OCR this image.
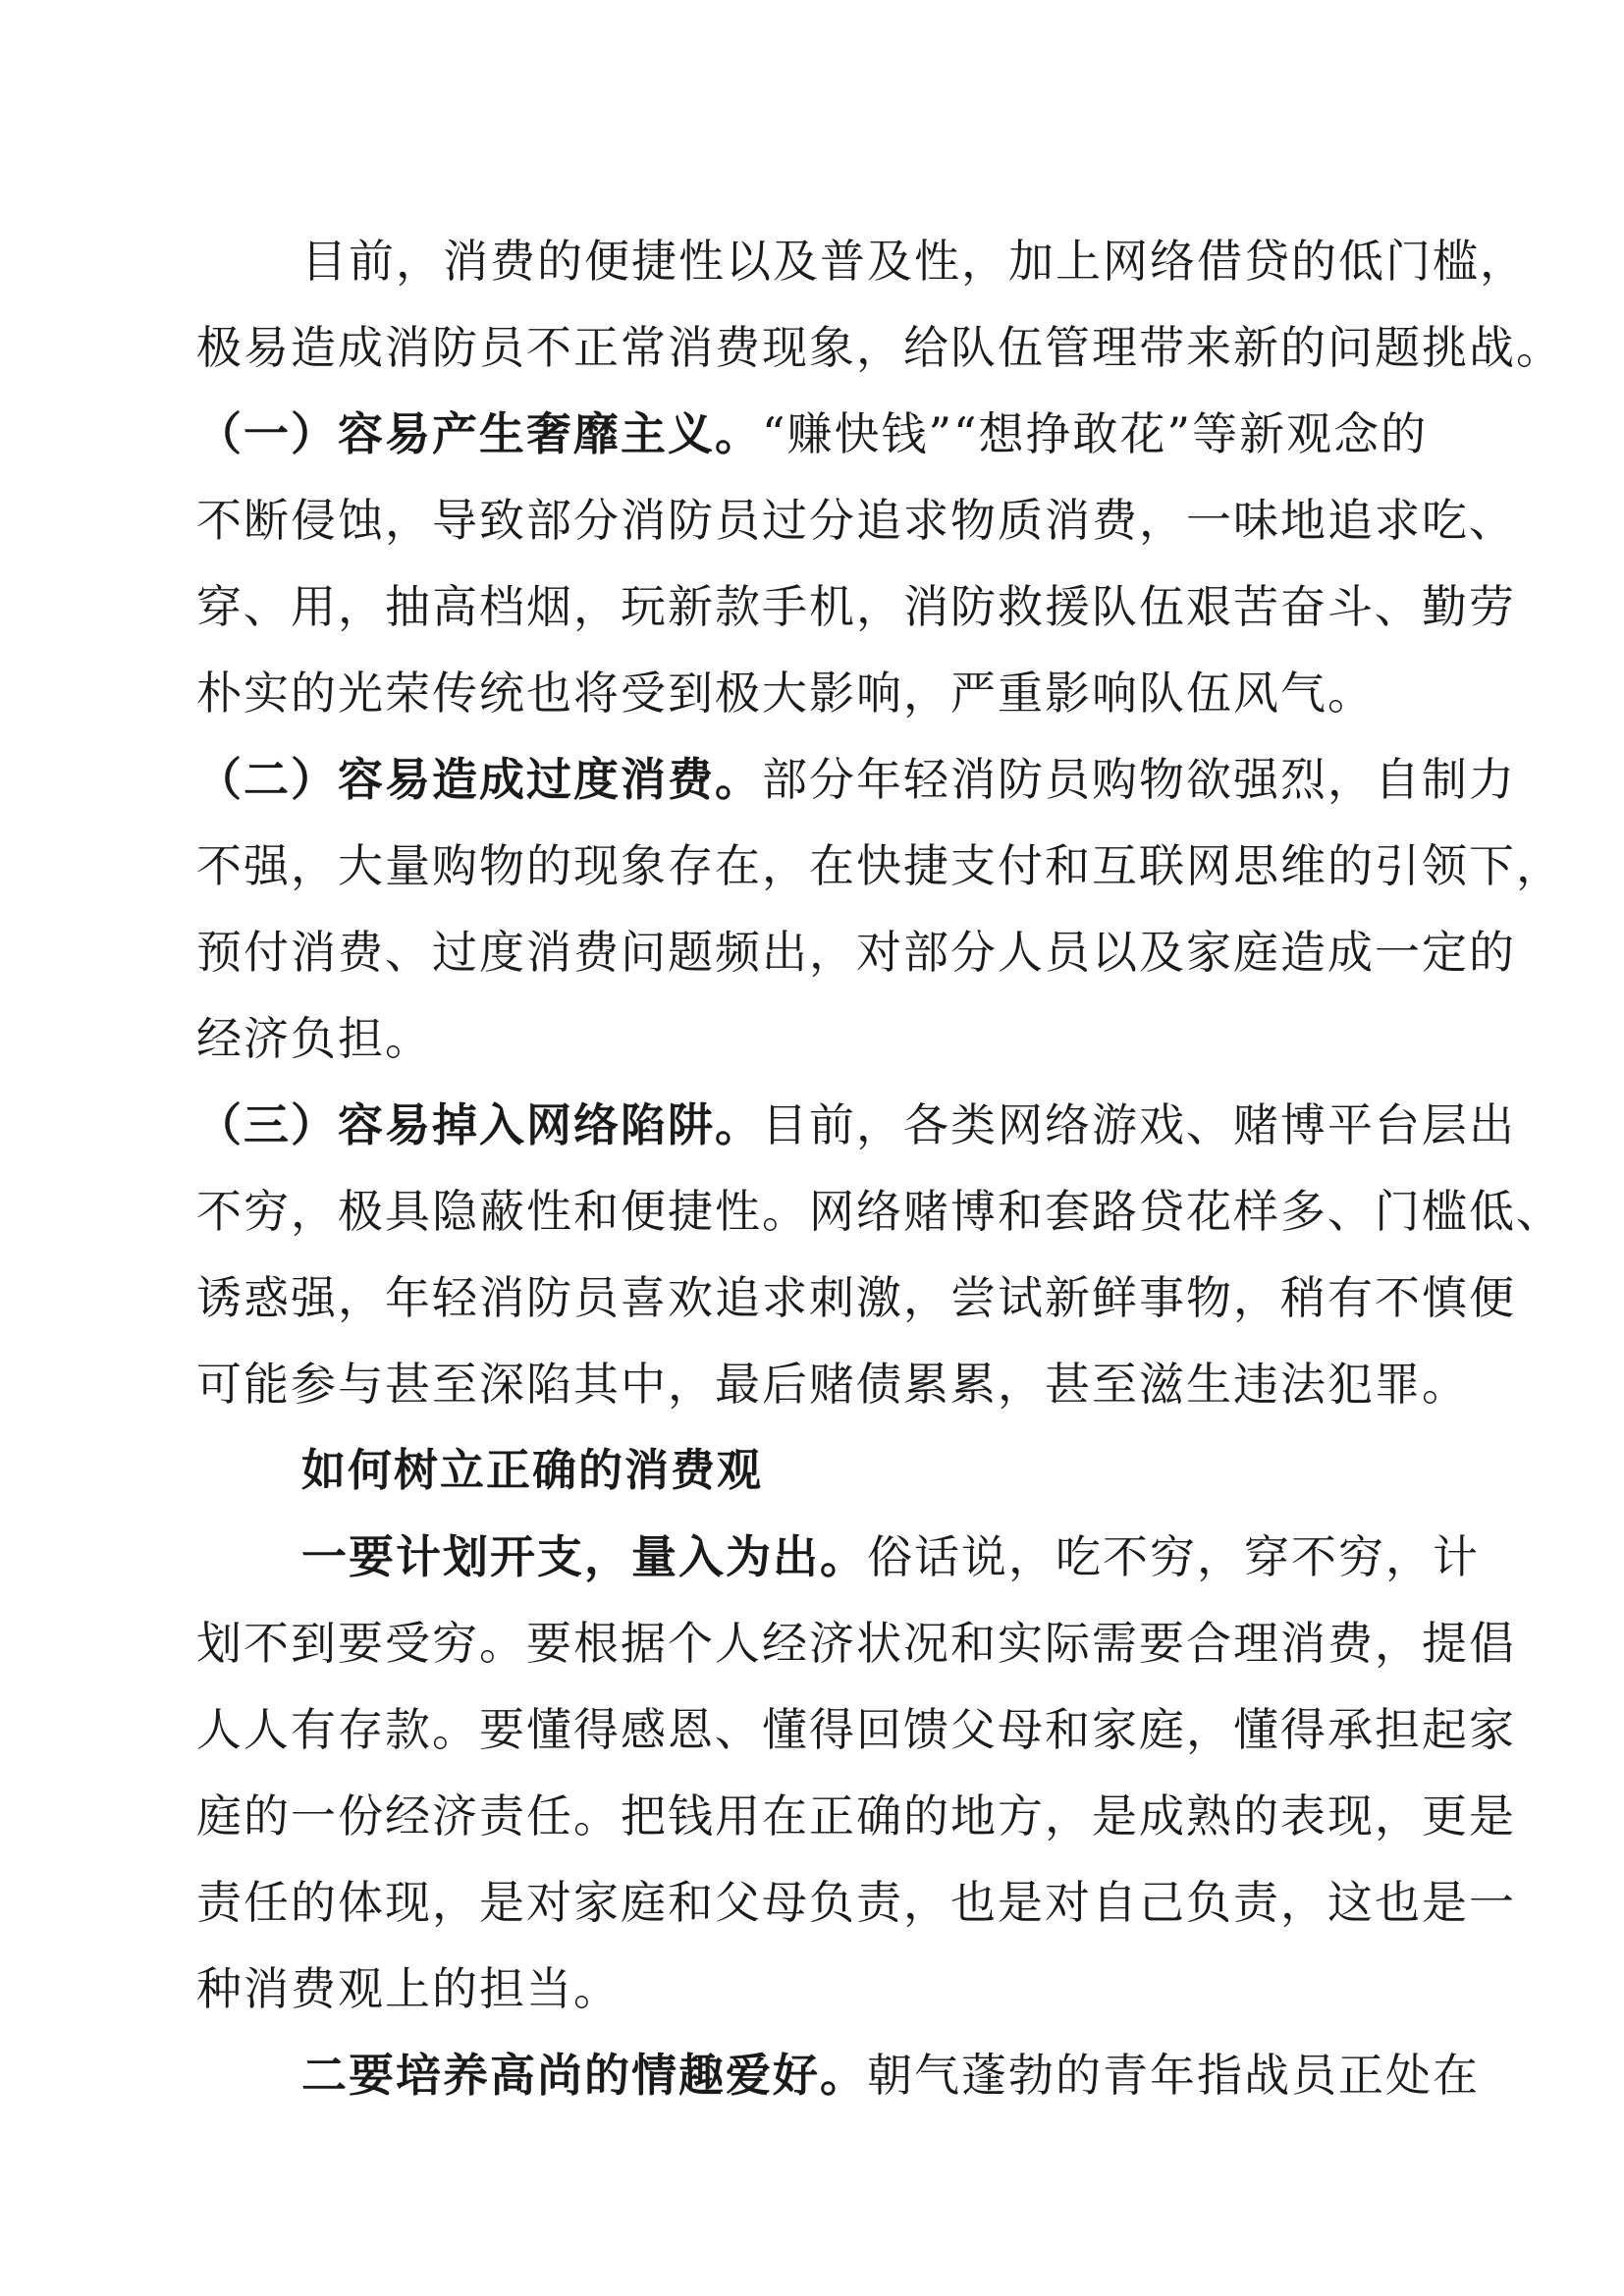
目前，消费的便捷性以及普及性，加上网络借贷的低门槛，
极易造成消防员不正常消费现象，给队伍管理带来新的问题挑战。
（一）容易产生奢靡主义。“赚快钱”“想挣敢花”等新观念的
不断侵蚀，导致部分消防员过分追求物质消费，一味地追求吃、
穿、用，抽高档烟，玩新款手机，消防救援队伍艰苦奋斗、勤劳
朴实的光荣传统也将受到极大影响，严重影响队伍风气。
（二）容易造成过度消费。部分年轻消防员购物欲强烈，自制力
不强，大量购物的现象存在，在快捷支付和互联网思维的引领下，
预付消费、过度消费问题频出，对部分人员以及家庭造成一定的
经济负担。
（三）容易掉入网络陷阱。目前，各类网络游戏、赌博平台层出
不穷，极具隐蔽性和便捷性。网络赌博和套路贷花样多、门槛低、
诱惑强，年轻消防员喜欢追求刺激，尝试新鲜事物，稍有不慎便
可能参与甚至深陷其中，最后赌债累累，甚至滋生违法犯罪。
如何树立正确的消费观
一要计划开支，量入为出。俗话说，吃不穷，穿不穷，计
划不到要受穷。要根据个人经济状况和实际需要合理消费，提倡
人人有存款。要懂得感恩、懂得回馈父母和家庭，懂得承担起家
庭的一份经济责任。把钱用在正确的地方，是成熟的表现，更是
责任的体现，是对家庭和父母负责，也是对自己负责，这也是一
种消费观上的担当。
二要培养高尚的情趣爱好。朝气蓬勃的青年指战员正处在
